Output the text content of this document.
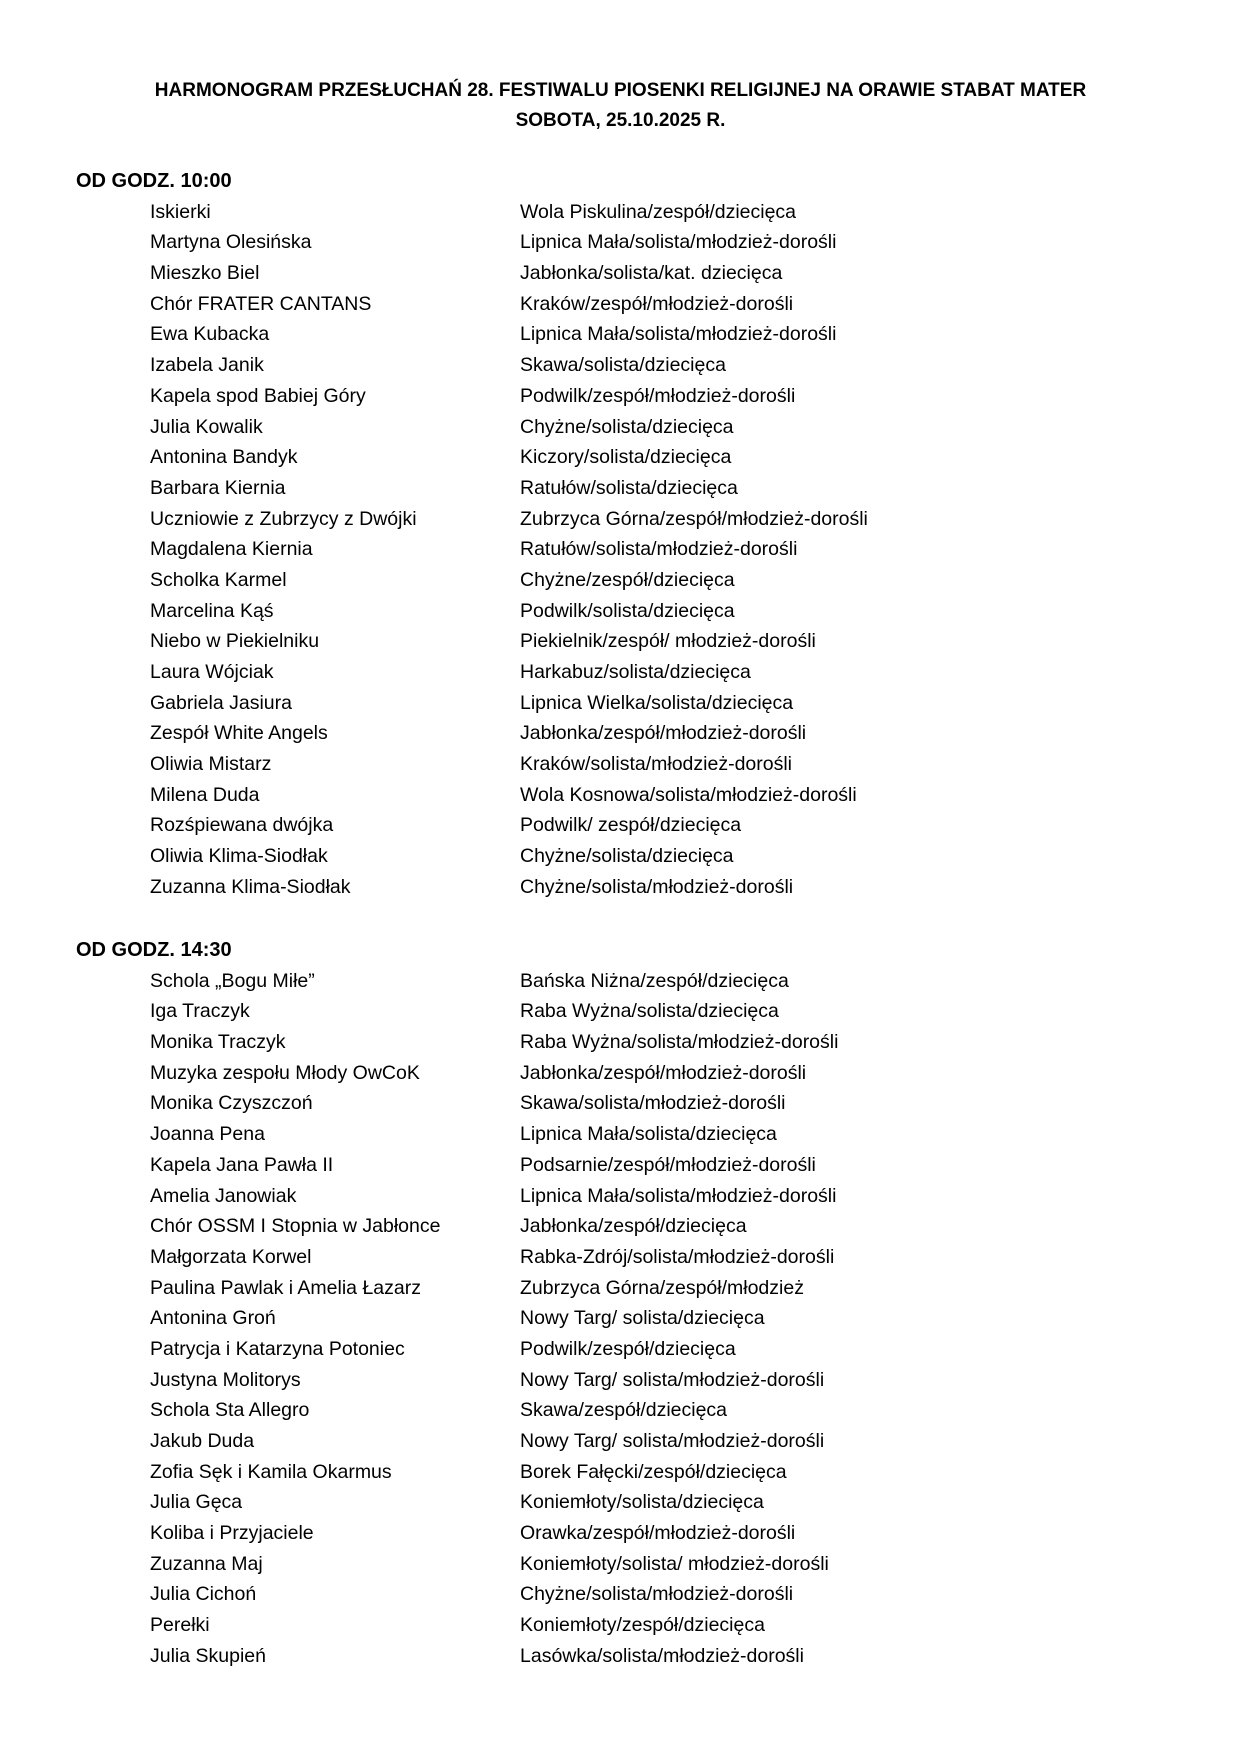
HARMONOGRAM PRZESŁUCHAŃ 28. FESTIWALU PIOSENKI RELIGIJNEJ NA ORAWIE STABAT MATER
SOBOTA, 25.10.2025 R.
OD GODZ. 10:00
Iskierki	Wola Piskulina/zespół/dziecięca
Martyna Olesińska	Lipnica Mała/solista/młodzież-dorośli
Mieszko Biel	Jabłonka/solista/kat. dziecięca
Chór FRATER CANTANS	Kraków/zespół/młodzież-dorośli
Ewa Kubacka	Lipnica Mała/solista/młodzież-dorośli
Izabela Janik	Skawa/solista/dziecięca
Kapela spod Babiej Góry	Podwilk/zespół/młodzież-dorośli
Julia Kowalik	Chyżne/solista/dziecięca
Antonina Bandyk	Kiczory/solista/dziecięca
Barbara Kiernia	Ratułów/solista/dziecięca
Uczniowie z Zubrzycy z Dwójki	Zubrzyca Górna/zespół/młodzież-dorośli
Magdalena Kiernia	Ratułów/solista/młodzież-dorośli
Scholka Karmel	Chyżne/zespół/dziecięca
Marcelina Kąś	Podwilk/solista/dziecięca
Niebo w Piekielniku	Piekielnik/zespół/ młodzież-dorośli
Laura Wójciak	Harkabuz/solista/dziecięca
Gabriela Jasiura	Lipnica Wielka/solista/dziecięca
Zespół White Angels	Jabłonka/zespół/młodzież-dorośli
Oliwia Mistarz	Kraków/solista/młodzież-dorośli
Milena Duda	Wola Kosnowa/solista/młodzież-dorośli
Rozśpiewana dwójka	Podwilk/ zespół/dziecięca
Oliwia Klima-Siodłak	Chyżne/solista/dziecięca
Zuzanna Klima-Siodłak	Chyżne/solista/młodzież-dorośli
OD GODZ. 14:30
Schola „Bogu Miłe”	Bańska Niżna/zespół/dziecięca
Iga Traczyk	Raba Wyżna/solista/dziecięca
Monika Traczyk	Raba Wyżna/solista/młodzież-dorośli
Muzyka zespołu Młody OwCoK	Jabłonka/zespół/młodzież-dorośli
Monika Czyszczoń	Skawa/solista/młodzież-dorośli
Joanna Pena	Lipnica Mała/solista/dziecięca
Kapela Jana Pawła II	Podsarnie/zespół/młodzież-dorośli
Amelia Janowiak	Lipnica Mała/solista/młodzież-dorośli
Chór OSSM I Stopnia w Jabłonce	Jabłonka/zespół/dziecięca
Małgorzata Korwel	Rabka-Zdrój/solista/młodzież-dorośli
Paulina Pawlak i Amelia Łazarz	Zubrzyca Górna/zespół/młodzież
Antonina Groń	Nowy Targ/ solista/dziecięca
Patrycja i Katarzyna Potoniec	Podwilk/zespół/dziecięca
Justyna Molitorys	Nowy Targ/ solista/młodzież-dorośli
Schola Sta Allegro	Skawa/zespół/dziecięca
Jakub Duda	Nowy Targ/ solista/młodzież-dorośli
Zofia Sęk i Kamila Okarmus	Borek Fałęcki/zespół/dziecięca
Julia Gęca	Koniemłoty/solista/dziecięca
Koliba i Przyjaciele	Orawka/zespół/młodzież-dorośli
Zuzanna Maj	Koniemłoty/solista/ młodzież-dorośli
Julia Cichoń	Chyżne/solista/młodzież-dorośli
Perełki	Koniemłoty/zespół/dziecięca
Julia Skupień	Lasówka/solista/młodzież-dorośli
